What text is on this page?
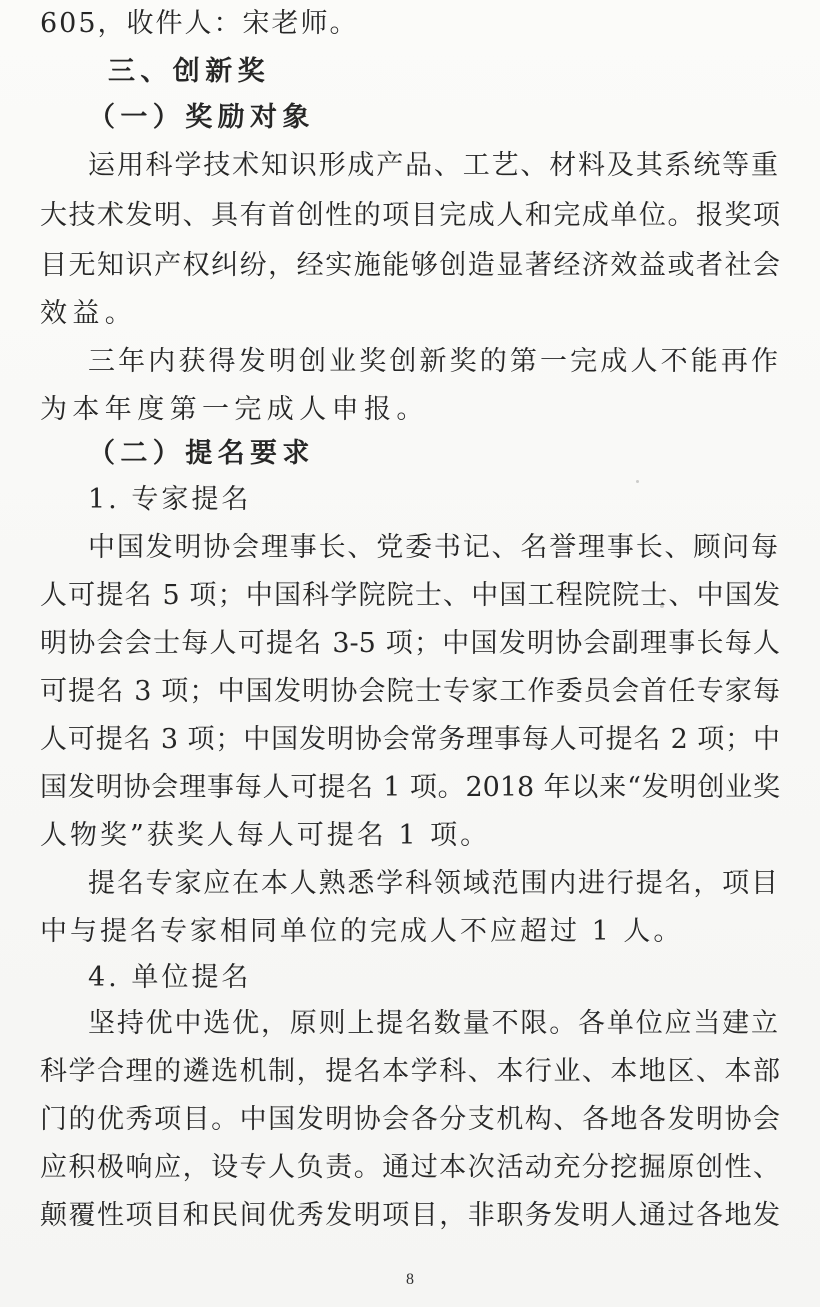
605，收件人：宋老师。
三、创新奖
（一）奖励对象
运用科学技术知识形成产品、工艺、材料及其系统等重
大技术发明、具有首创性的项目完成人和完成单位。报奖项
目无知识产权纠纷，经实施能够创造显著经济效益或者社会
效益。
三年内获得发明创业奖创新奖的第一完成人不能再作
为本年度第一完成人申报。
（二）提名要求
1. 专家提名
中国发明协会理事长、党委书记、名誉理事长、顾问每
人可提名 5 项；中国科学院院士、中国工程院院士、中国发
明协会会士每人可提名 3-5 项；中国发明协会副理事长每人
可提名 3 项；中国发明协会院士专家工作委员会首任专家每
人可提名 3 项；中国发明协会常务理事每人可提名 2 项；中
国发明协会理事每人可提名 1 项。2018 年以来“发明创业奖
人物奖”获奖人每人可提名 1 项。
提名专家应在本人熟悉学科领域范围内进行提名，项目
中与提名专家相同单位的完成人不应超过 1 人。
4. 单位提名
坚持优中选优，原则上提名数量不限。各单位应当建立
科学合理的遴选机制，提名本学科、本行业、本地区、本部
门的优秀项目。中国发明协会各分支机构、各地各发明协会
应积极响应，设专人负责。通过本次活动充分挖掘原创性、
颠覆性项目和民间优秀发明项目，非职务发明人通过各地发
8
